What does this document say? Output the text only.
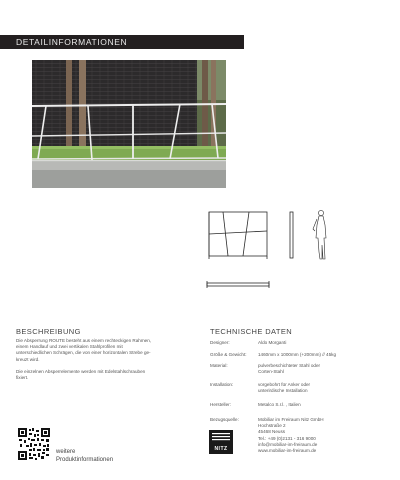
DETAILINFORMATIONEN
BESCHREIBUNG
Die Absperrung ROUTE besteht aus einem rechteckigen Rahmen,
einem Handlauf und zwei vertikalen Stahlprofilen mit
unterschiedlichen Schrägen, die von einer horizontalen Strebe ge-
kreuzt wird.
Die einzelnen Absperrelemente werden mit Edelstahlschrauben
fixiert.
TECHNISCHE DATEN
Designer:	Aldo Morganti
Größe & Gewicht:	1460mm x 1000mm (+200mm) // 45kg
Material:	pulverbeschichteter Stahl oder
Corten-Stahl
Installation:	vorgebohrt für Anker oder
unterirdische Installation
Hersteller:	Metalco S.r.l. , Italien
Bezugsquelle:	Mobiliar im Freiraum Nitz GmbH
Hochstraße 2
45468 Neuss
Tel.: +49 (0)2131 - 316 9000
info@mobiliar-im-freiraum.de
www.mobiliar-im-freiraum.de
NITZ
weitere
Produktinformationen
